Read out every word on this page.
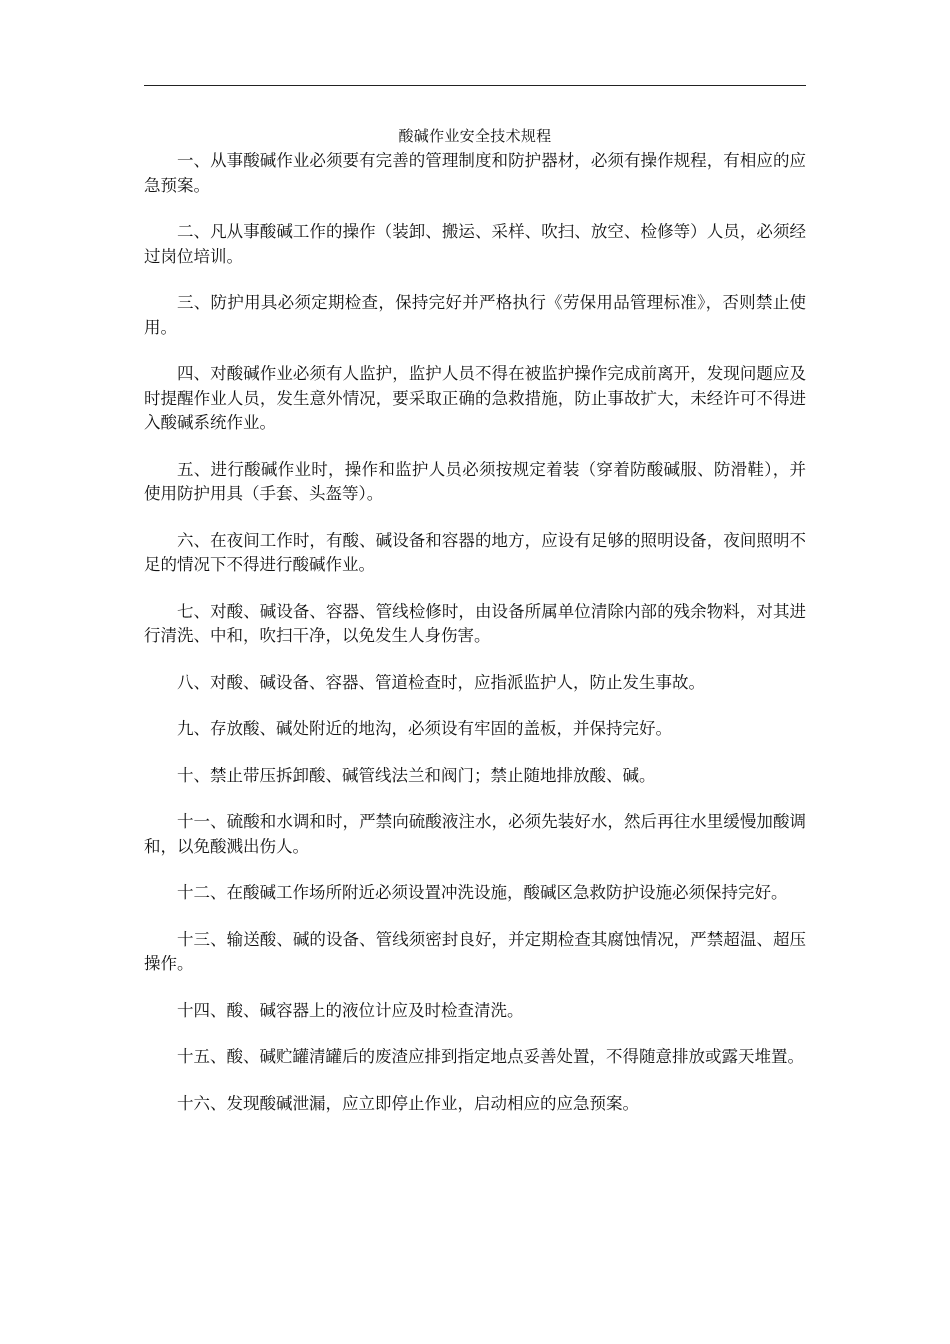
酸碱作业安全技术规程

一、从事酸碱作业必须要有完善的管理制度和防护器材，必须有操作规程，有相应的应急预案。

二、凡从事酸碱工作的操作（装卸、搬运、采样、吹扫、放空、检修等）人员，必须经过岗位培训。

三、防护用具必须定期检查，保持完好并严格执行《劳保用品管理标准》，否则禁止使用。

四、对酸碱作业必须有人监护，监护人员不得在被监护操作完成前离开，发现问题应及时提醒作业人员，发生意外情况，要采取正确的急救措施，防止事故扩大，未经许可不得进入酸碱系统作业。

五、进行酸碱作业时，操作和监护人员必须按规定着装（穿着防酸碱服、防滑鞋），并使用防护用具（手套、头盔等）。

六、在夜间工作时，有酸、碱设备和容器的地方，应设有足够的照明设备，夜间照明不足的情况下不得进行酸碱作业。

七、对酸、碱设备、容器、管线检修时，由设备所属单位清除内部的残余物料，对其进行清洗、中和，吹扫干净，以免发生人身伤害。

八、对酸、碱设备、容器、管道检查时，应指派监护人，防止发生事故。

九、存放酸、碱处附近的地沟，必须设有牢固的盖板，并保持完好。

十、禁止带压拆卸酸、碱管线法兰和阀门；禁止随地排放酸、碱。

十一、硫酸和水调和时，严禁向硫酸液注水，必须先装好水，然后再往水里缓慢加酸调和，以免酸溅出伤人。

十二、在酸碱工作场所附近必须设置冲洗设施，酸碱区急救防护设施必须保持完好。

十三、输送酸、碱的设备、管线须密封良好，并定期检查其腐蚀情况，严禁超温、超压操作。

十四、酸、碱容器上的液位计应及时检查清洗。

十五、酸、碱贮罐清罐后的废渣应排到指定地点妥善处置，不得随意排放或露天堆置。

十六、发现酸碱泄漏，应立即停止作业，启动相应的应急预案。
